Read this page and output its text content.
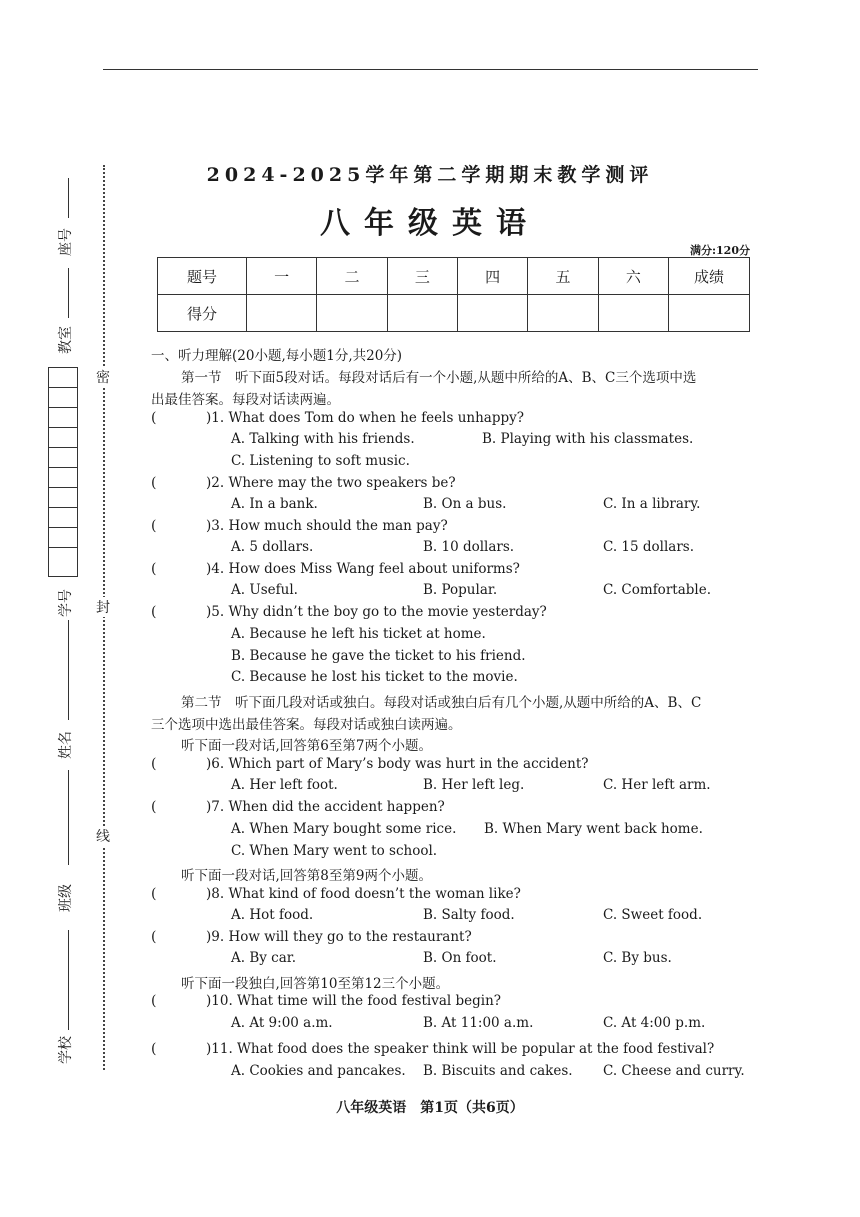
座号
教室
学号
姓名
班级
学校
密
封
线
2024-2025学年第二学期期末教学测评
八年级英语
满分:120分
题号	一	二	三	四	五	六	成绩
得分							
一、听力理解(20小题,每小题1分,共20分)
第一节　听下面5段对话。每段对话后有一个小题,从题中所给的A、B、C三个选项中选
出最佳答案。每段对话读两遍。
(	)1. What does Tom do when he feels unhappy?
A. Talking with his friends.	B. Playing with his classmates.
C. Listening to soft music.
(	)2. Where may the two speakers be?
A. In a bank.	B. On a bus.	C. In a library.
(	)3. How much should the man pay?
A. 5 dollars.	B. 10 dollars.	C. 15 dollars.
(	)4. How does Miss Wang feel about uniforms?
A. Useful.	B. Popular.	C. Comfortable.
(	)5. Why didn’t the boy go to the movie yesterday?
A. Because he left his ticket at home.
B. Because he gave the ticket to his friend.
C. Because he lost his ticket to the movie.
第二节　听下面几段对话或独白。每段对话或独白后有几个小题,从题中所给的A、B、C
三个选项中选出最佳答案。每段对话或独白读两遍。
听下面一段对话,回答第6至第7两个小题。
(	)6. Which part of Mary’s body was hurt in the accident?
A. Her left foot.	B. Her left leg.	C. Her left arm.
(	)7. When did the accident happen?
A. When Mary bought some rice. B. When Mary went back home.
C. When Mary went to school.
听下面一段对话,回答第8至第9两个小题。
(	)8. What kind of food doesn’t the woman like?
A. Hot food.	B. Salty food.	C. Sweet food.
(	)9. How will they go to the restaurant?
A. By car.	B. On foot.	C. By bus.
听下面一段独白,回答第10至第12三个小题。
(	)10. What time will the food festival begin?
A. At 9:00 a.m.	B. At 11:00 a.m.	C. At 4:00 p.m.
(	)11. What food does the speaker think will be popular at the food festival?
A. Cookies and pancakes. B. Biscuits and cakes. C. Cheese and curry.
八年级英语　第1页（共6页）
